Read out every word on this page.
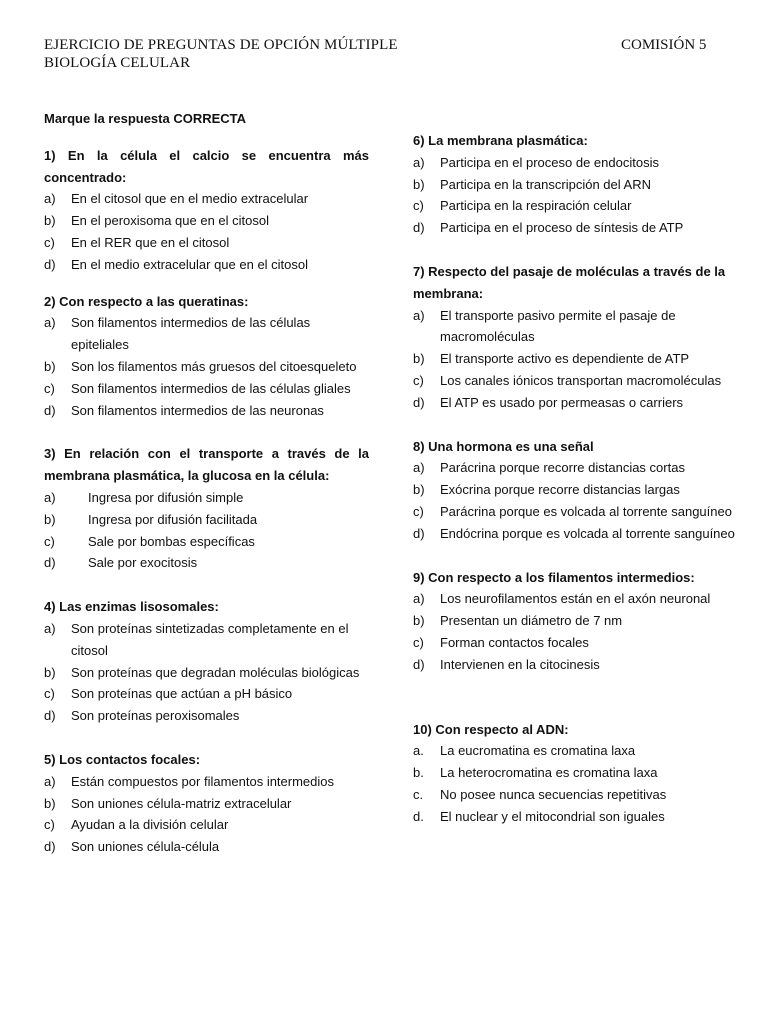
EJERCICIO DE PREGUNTAS DE OPCIÓN MÚLTIPLE
BIOLOGÍA CELULAR
COMISIÓN 5
Marque la respuesta CORRECTA
1) En la célula el calcio se encuentra más concentrado:
a)	En el citosol que en el medio extracelular
b)	En el peroxisoma que en el citosol
c)	En el RER que en el citosol
d)	En el medio extracelular que en el citosol
2) Con respecto a las queratinas:
a)	Son filamentos intermedios de las células epiteliales
b)	Son los filamentos más gruesos del citoesqueleto
c)	Son filamentos intermedios de las células gliales
d)	Son filamentos intermedios de las neuronas
3) En relación con el transporte a través de la membrana plasmática, la glucosa en la célula:
a)	Ingresa por difusión simple
b)	Ingresa por difusión facilitada
c)	Sale por bombas específicas
d)	Sale por exocitosis
4) Las enzimas lisosomales:
a)	Son proteínas sintetizadas completamente en el citosol
b)	Son proteínas que degradan moléculas biológicas
c)	Son proteínas que actúan a pH básico
d)	Son proteínas peroxisomales
5) Los contactos focales:
a)	Están compuestos por filamentos intermedios
b)	Son uniones célula-matriz extracelular
c)	Ayudan a la división celular
d)	Son uniones célula-célula
6) La membrana plasmática:
a)	Participa en el proceso de endocitosis
b)	Participa en la transcripción del ARN
c)	Participa en la respiración celular
d)	Participa en el proceso de síntesis de ATP
7) Respecto del pasaje de moléculas a través de la membrana:
a)	El transporte pasivo permite el pasaje de macromoléculas
b)	El transporte activo es dependiente de ATP
c)	Los canales iónicos transportan macromoléculas
d)	El ATP es usado por permeasas o carriers
8) Una hormona es una señal
a)	Parácrina porque recorre distancias cortas
b)	Exócrina porque recorre distancias largas
c)	Parácrina porque es volcada al torrente sanguíneo
d)	Endócrina porque es volcada al torrente sanguíneo
9) Con respecto a los filamentos intermedios:
a)	Los neurofilamentos están en el axón neuronal
b)	Presentan un diámetro de 7 nm
c)	Forman contactos focales
d)	Intervienen en la citocinesis
10) Con respecto al ADN:
a.	La eucromatina es cromatina laxa
b.	La heterocromatina es cromatina laxa
c.	No posee nunca secuencias repetitivas
d.	El nuclear y el mitocondrial son iguales
